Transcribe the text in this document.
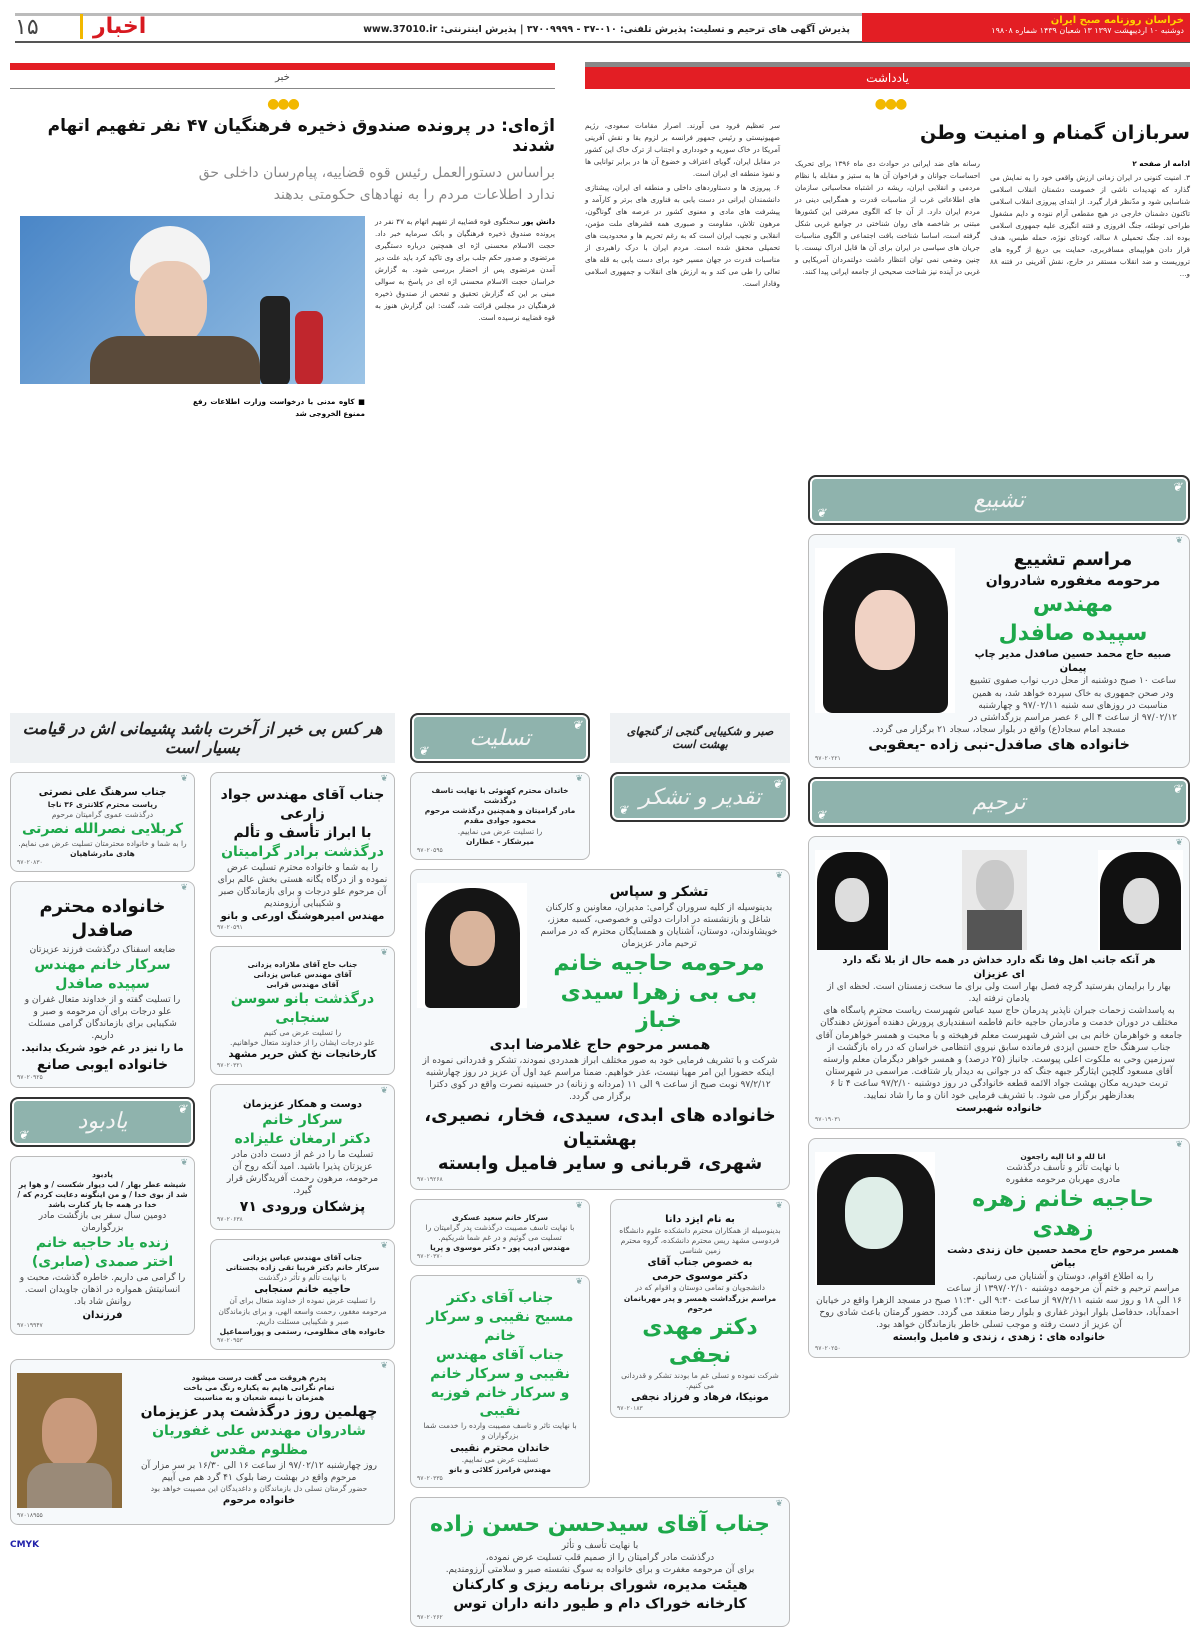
۱۵	اخبار	پذیرش آگهی های ترحیم و تسلیت: پذیرش تلفنی: ۰۱۰-۳۷ - ۳۷۰۰۹۹۹۹ | پذیرش اینترنتی: www.37010.ir
خراسان روزنامه صبح ایران
دوشنبه ۱۰ اردیبهشت ۱۳۹۷ ۱۳ شعبان ۱۴۳۹ شماره ۱۹۸۰۸
یادداشت
●●●
سربازان گمنام و امنیت وطن

ادامه از صفحه ۲

۳. امنیت کنونی در ایران زمانی ارزش واقعی خود را به نمایش می گذارد که تهدیدات ناشی از خصومت دشمنان انقلاب اسلامی شناسایی شود و مدّنظر قرار گیرد. از ابتدای پیروزی انقلاب اسلامی تاکنون دشمنان خارجی در هیچ مقطعی آرام ننوده و دایم مشغول طراحی توطئه، جنگ افروزی و فتنه انگیزی علیه جمهوری اسلامی بوده اند. جنگ تحمیلی ۸ ساله، کودتای نوژه، حمله طبس، هدف قرار دادن هواپیمای مسافربری، حمایت بی دریغ از گروه های تروریست و ضد انقلاب مستقر در خارج، نقش آفرینی در فتنه ۸۸ و...

رسانه های ضد ایرانی در حوادث دی ماه ۱۳۹۶ برای تحریک احساسات جوانان و فراخوان آن ها به ستیز و مقابله با نظام مردمی و انقلابی ایران، ریشه در اشتباه محاسباتی سازمان های اطلاعاتی غرب از مناسبات قدرت و همگرایی دینی در مردم ایران دارد. از آن جا که الگوی معرفتی این کشورها مبتنی بر شاخصه های روان شناختی در جوامع غربی شکل گرفته است، اساسا شناخت بافت اجتماعی و الگوی مناسبات جریان های سیاسی در ایران برای آن ها قابل ادراک نیست. با چنین وضعی نمی توان انتظار داشت دولتمردان آمریکایی و غربی در آینده نیز شناخت صحیحی از جامعه ایرانی پیدا کنند.

سر تعظیم فرود می آورند. اصرار مقامات سعودی، رژیم صهیونیستی و رئیس جمهور فرانسه بر لزوم بقا و نقش آفرینی آمریکا در خاک سوریه و خودداری و اجتناب از ترک خاک این کشور در مقابل ایران، گویای اعتراف و خضوع آن ها در برابر توانایی ها و نفوذ منطقه ای ایران است.

۶. پیروزی ها و دستاوردهای داخلی و منطقه ای ایران، پیشتازی دانشمندان ایرانی در دست یابی به فناوری های برتر و کارآمد و پیشرفت های مادی و معنوی کشور در عرصه های گوناگون، مرهون تلاش، مقاومت و صبوری همه قشرهای ملت مؤمن، انقلابی و نجیب ایران است که به رغم تحریم ها و محدودیت های تحمیلی محقق شده است. مردم ایران با درک راهبردی از مناسبات قدرت در جهان مسیر خود برای دست یابی به قله های تعالی را طی می کند و به ارزش های انقلاب و جمهوری اسلامی وفادار است.

خبر
●●●
اژه‌ای: در پرونده صندوق ذخیره فرهنگیان ۴۷ نفر تفهیم اتهام شدند
براساس دستورالعمل رئیس قوه قضاییه، پیام‌رسان داخلی حق ندارد اطلاعات مردم را به نهادهای حکومتی بدهند

دانش پور سخنگوی قوه قضاییه از تفهیم اتهام به ۴۷ نفر در پرونده صندوق ذخیره فرهنگیان و بانک سرمایه خبر داد. حجت الاسلام محسنی اژه ای همچنین درباره دستگیری مرتضوی و صدور حکم جلب برای وی تاکید کرد باید علت دیر آمدن مرتضوی پس از احضار بررسی شود. به گزارش خراسان حجت الاسلام محسنی اژه ای در پاسخ به سوالی مبنی بر این که گزارش تحقیق و تفحص از صندوق ذخیره فرهنگیان در مجلس قرائت شد، گفت: این گزارش هنوز به قوه قضاییه نرسیده است.

■ کاوه مدنی با درخواست وزارت اطلاعات رفع ممنوع الخروجی شد

هر کس بی خبر از آخرت باشد پشیمانی اش در قیامت بسیار است
جناب آقای مهندس جواد زارعی
با ابراز تأسف و تألم
درگذشت برادر گرامیتان
را به شما و خانواده محترم تسلیت عرض نموده و از درگاه یگانه هستی بخش عالم برای آن مرحوم علو درجات و برای بازماندگان صبر و شکیبایی آرزومندیم
مهندس امیرهوشنگ اورعی و بانو
۹۷۰۲۰۵۹۱
❦
جناب حاج آقای ملازاده یزدانی
آقای مهندس عباس یزدانی
آقای مهندس قرابی
درگذشت بانو سوسن سنجابی
را تسلیت عرض می کنیم
علو درجات ایشان را از خداوند متعال خواهانیم.
کارخانجات نخ کش حریر مشهد
۹۷۰۲۰۳۲۱
❦
دوست و همکار عزیزمان
سرکار خانم
دکتر ارمغان علیزاده
تسلیت ما را در غم از دست دادن مادر عزیزتان پذیرا باشید. امید آنکه روح آن مرحومه، مرهون رحمت آفریدگارش قرار گیرد.
پزشکان ورودی ۷۱
۹۷۰۲۰۶۳۸
❦
جناب آقای مهندس عباس یزدانی
سرکار خانم دکتر فریبا تقی زاده بجستانی
با نهایت تألم و تأثر درگذشت
حاجیه خانم سنجابی
را تسلیت عرض نموده از خداوند متعال برای آن مرحومه مغفور، رحمت واسعه الهی، و برای بازماندگان صبر و شکیبایی مسئلت داریم.
خانواده های مظلومی، رستمی و پوراسماعیل
۹۷۰۲۰۹۵۳
❦
جناب سرهنگ علی نصرتی
ریاست محترم کلانتری ۳۶ ناجا
درگذشت عموی گرامیتان مرحوم
کربلایی نصرالله نصرتی
را به شما و خانواده محترمتان تسلیت عرض می نمایم.
هادی مادرشاهیان
۹۷۰۲۰۸۳۰
❦
خانواده محترم صافدل
ضایعه اسفناک درگذشت فرزند عزیزتان
سرکار خانم مهندس سپیده صافدل
را تسلیت گفته و از خداوند متعال غفران و علو درجات برای آن مرحومه و صبر و شکیبایی برای بازماندگان گرامی مسئلت داریم.
ما را نیز در غم خود شریک بدانید.
خانواده ایوبی صانع
۹۷۰۲۰۹۲۵
❦
یادبود
❦
❦
یادبود
شیشه عطر بهار / لب دیوار شکست / و هوا پر شد از بوی خدا / و من اینگونه دعایت کردم که / خدا در همه جا یار کنارت باشد
دومین سال سفر بی بازگشت مادر بزرگوارمان
زنده یاد حاجیه خانم
اختر صمدی (صابری)
را گرامی می داریم. خاطره گذشت، محبت و انسانیتش همواره در اذهان جاویدان است. روانش شاد باد.
فرزندان
۹۷۰۱۹۹۴۷
❦
پدرم هروقت می گفت درست میشود
تمام نگرانی هایم به یکباره رنگ می باخت
همزمان با نیمه شعبان و به مناسبت
چهلمین روز درگذشت پدر عزیزمان
شادروان مهندس علی غفوریان مظلوم مقدس
روز چهارشنبه ۹۷/۰۲/۱۲ از ساعت ۱۶ الی ۱۶/۳۰ بر سر مزار آن مرحوم واقع در بهشت رضا بلوک ۴۱ گرد هم می آییم
حضور گرمتان تسلی دل بازماندگان و داغدیدگان این مصیبت خواهد بود
خانواده مرحوم
۹۷۰۱۸۹۵۵
❦
CMYK
صبر و شکیبایی گنجی از گنجهای بهشت است
تسلیت
❦
❦
تقدیر و تشکر
❦
❦
خاندان محترم کهنوئی با نهایت تاسف درگذشت
مادر گرامیتان و همچنین درگذشت مرحوم محمود جوادی مقدم
را تسلیت عرض می نماییم.
میرشکار - عطاران
۹۷۰۲۰۵۹۵
❦
تشکر و سپاس
بدینوسیله از کلیه سروران گرامی: مدیران، معاونین و کارکنان شاغل و بازنشسته در ادارات دولتی و خصوصی، کسبه معزز، خویشاوندان، دوستان، آشنایان و همسایگان محترم که در مراسم ترحیم مادر عزیزمان
مرحومه حاجیه خانم
بی بی زهرا سیدی خباز
همسر مرحوم حاج غلامرضا ابدی
شرکت و با تشریف فرمایی خود به صور مختلف ابراز همدردی نمودند، تشکر و قدردانی نموده از اینکه حضورا این امر مهیا نیست، عذر خواهیم. ضمنا مراسم عید اول آن عزیز در روز چهارشنبه ۹۷/۲/۱۲ نوبت صبح از ساعت ۹ الی ۱۱ (مردانه و زنانه) در حسینیه نصرت واقع در کوی دکترا برگزار می گردد.
خانواده های ابدی، سیدی، فخار، نصیری، بهشتیان
شهری، قربانی و سایر فامیل وابسته
۹۷۰۱۹۲۶۸
❦
به نام ایزد دانا
بدینوسیله از همکاران محترم دانشکده علوم دانشگاه فردوسی مشهد ریس محترم دانشکده، گروه محترم زمین شناسی
به خصوص جناب آقای
دکتر موسوی حرمی
دانشجویان و تمامی دوستان و اقوام که در
مراسم بزرگداشت همسر و پدر مهربانمان مرحوم
دکتر مهدی نجفی
شرکت نموده و تسلی غم ما بودند تشکر و قدردانی می کنیم.
مونیکا، فرهاد و فرزاد نجفی
۹۷۰۲۰۱۸۳
❦
سرکار خانم سعید عسکری
با نهایت تاسف مصیبت درگذشت پدر گرامیتان را تسلیت می گوئیم و در غم شما شریکیم.
مهندس ادیب پور - دکتر موسوی و پریا
۹۷۰۲۰۳۷۰
❦
جناب آقای دکتر
مسیح نقیبی و سرکار خانم
جناب آقای مهندس
نقیبی و سرکار خانم
و سرکار خانم فوزیه نقیبی
با نهایت تاثر و تاسف مصیبت وارده را خدمت شما بزرگواران و
خاندان محترم نقیبی
تسلیت عرض می نماییم.
مهندس فرامرز کلائی و بانو
۹۷۰۲۰۳۳۵
❦
جناب آقای سیدحسن حسن زاده
با نهایت تأسف و تأثر
درگذشت مادر گرامیتان را از صمیم قلب تسلیت عرض نموده،
برای آن مرحومه مغفرت و برای خانواده به سوگ نشسته صبر و سلامتی آرزومندیم.
هیئت مدیره، شورای برنامه ریزی و کارکنان
کارخانه خوراک دام و طیور دانه داران توس
۹۷۰۲۰۲۶۲
❦
تشییع
❦
❦
مراسم تشییع
مرحومه مغفوره شادروان
مهندس
سپیده صافدل
صبیه حاج محمد حسین صافدل مدیر چاپ پیمان
ساعت ۱۰ صبح دوشنبه از محل درب نواب صفوی تشییع ودر صحن جمهوری به خاک سپرده خواهد شد، به همین مناسبت در روزهای سه شنبه ۹۷/۰۲/۱۱ و چهارشنبه ۹۷/۰۲/۱۲ از ساعت ۴ الی ۶ عصر مراسم بزرگداشتی در مسجد امام سجاد(ع) واقع در بلوار سجاد، سجاد ۲۱ برگزار می گردد.
خانواده های صافدل-نبی زاده -یعقوبی
۹۷۰۲۰۲۲۱
❦
ترحیم
❦
❦
هر آنکه جانب اهل وفا نگه دارد خداش در همه حال از بلا نگه دارد
ای عزیزان
بهار را برایمان بفرستید گرچه فصل بهار است ولی برای ما سخت زمستان است. لحظه ای از یادمان نرفته اید.
به پاسداشت زحمات جبران ناپذیر پدرمان حاج سید عباس شهبرست ریاست محترم پاسگاه های مختلف در دوران خدمت و مادرمان حاجیه خانم فاطمه اسفندیاری پرورش دهنده آموزش دهندگان جامعه و خواهرمان خانم بی بی اشرف شهبرست معلم فرهیخته و با محبت و همسر خواهرمان آقای جناب سرهنگ حاج حسین ایزدی فرمانده سابق نیروی انتظامی خراسان که در راه بازگشت از سرزمین وحی به ملکوت اعلی پیوست. جانباز (۲۵ درصد) و همسر خواهر دیگرمان معلم وارسته آقای مسعود گلچین ایثارگر جبهه جنگ که در جوانی به دیدار یار شتافت. مراسمی در شهرستان تربت حیدریه مکان بهشت جواد الائمه قطعه خانوادگی در روز دوشنبه ۹۷/۲/۱۰ ساعت ۴ تا ۶ بعدازظهر برگزار می شود. با تشریف فرمایی خود انان و ما را شاد نمایید.
خانواده شهبرست
۹۷۰۱۹۰۳۱
❦
انا لله و انا الیه راجعون
با نهایت تأثر و تأسف درگذشت
مادری مهربان مرحومه مغفوره
حاجیه خانم زهره زهدی
همسر مرحوم حاج محمد حسین خان زندی دشت بیاض
را به اطلاع اقوام، دوستان و آشنایان می رسانیم.
مراسم ترحیم و ختم آن مرحومه دوشنبه ۱۳۹۷/۰۲/۱۰ از ساعت ۱۶ الی ۱۸ و روز سه شنبه ۹۷/۲/۱۱ از ساعت ۹:۳۰ الی ۱۱:۳۰ صبح در مسجد الزهرا واقع در خیابان احمدآباد، حدفاصل بلوار ابوذر غفاری و بلوار رضا منعقد می گردد. حضور گرمتان باعث شادی روح آن عزیز از دست رفته و موجب تسلی خاطر بازماندگان خواهد بود.
خانواده های : زهدی ، زندی و فامیل وابسته
۹۷۰۲۰۲۵۰
❦
